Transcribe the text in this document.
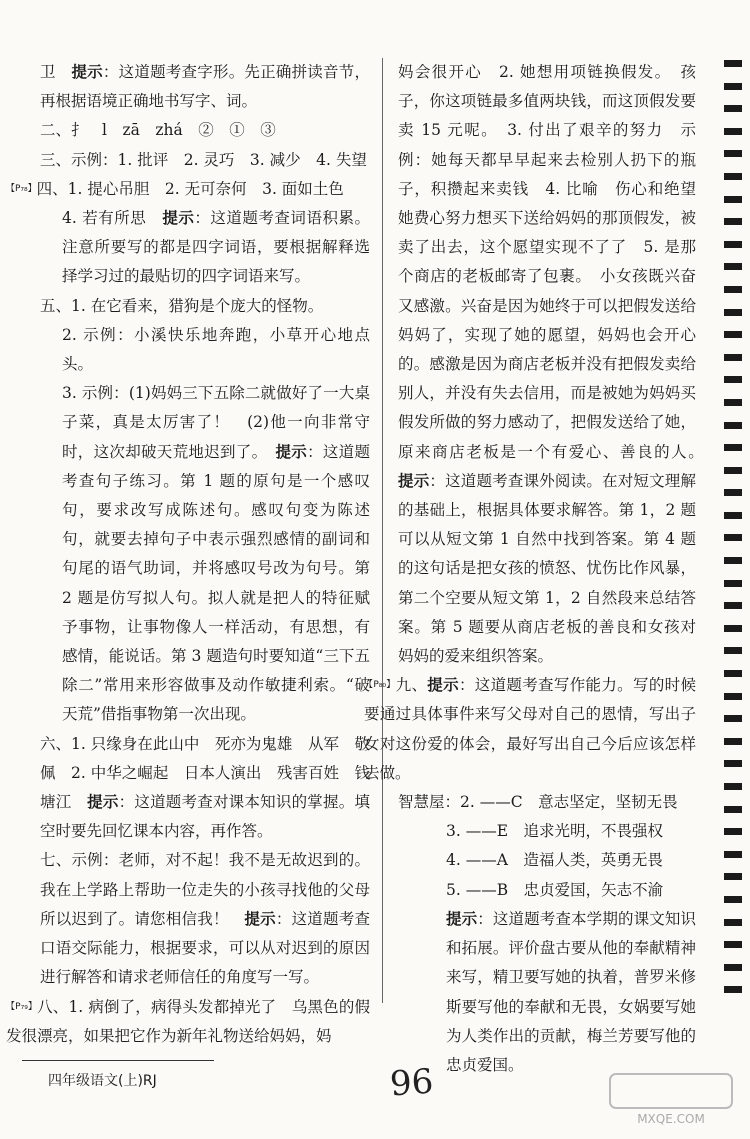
卫　提示：这道题考查字形。先正确拼读音节，再根据语境正确地书写字、词。

二、扌　l　zā　zhá　②　①　③

三、示例：1. 批评　2. 灵巧　3. 减少　4. 失望

【P₇₈】四、1. 提心吊胆　2. 无可奈何　3. 面如土色

4. 若有所思　提示：这道题考查词语积累。注意所要写的都是四字词语，要根据解释选择学习过的最贴切的四字词语来写。

五、1. 在它看来，猎狗是个庞大的怪物。

2. 示例：小溪快乐地奔跑，小草开心地点头。

3. 示例：(1)妈妈三下五除二就做好了一大桌子菜，真是太厉害了！　(2)他一向非常守时，这次却破天荒地迟到了。　提示：这道题考查句子练习。第 1 题的原句是一个感叹句，要求改写成陈述句。感叹句变为陈述句，就要去掉句子中表示强烈感情的副词和句尾的语气助词，并将感叹号改为句号。第 2 题是仿写拟人句。拟人就是把人的特征赋予事物，让事物像人一样活动，有思想，有感情，能说话。第 3 题造句时要知道“三下五除二”常用来形容做事及动作敏捷利索。“破天荒”借指事物第一次出现。

六、1. 只缘身在此山中　死亦为鬼雄　从军　敬佩　2. 中华之崛起　日本人演出　残害百姓　钱塘江　提示：这道题考查对课本知识的掌握。填空时要先回忆课本内容，再作答。

七、示例：老师，对不起！我不是无故迟到的。我在上学路上帮助一位走失的小孩寻找他的父母所以迟到了。请您相信我！　提示：这道题考查口语交际能力，根据要求，可以从对迟到的原因进行解答和请求老师信任的角度写一写。

【P₇₉】八、1. 病倒了，病得头发都掉光了　乌黑色的假发很漂亮，如果把它作为新年礼物送给妈妈，妈

妈会很开心　2. 她想用项链换假发。　孩子，你这项链最多值两块钱，而这顶假发要卖 15 元呢。　3. 付出了艰辛的努力　示例：她每天都早早起来去检别人扔下的瓶子，积攒起来卖钱　4. 比喻　伤心和绝望　她费心努力想买下送给妈妈的那顶假发，被卖了出去，这个愿望实现不了了　5. 是那个商店的老板邮寄了包裹。　小女孩既兴奋又感激。兴奋是因为她终于可以把假发送给妈妈了，实现了她的愿望，妈妈也会开心的。感激是因为商店老板并没有把假发卖给别人，并没有失去信用，而是被她为妈妈买假发所做的努力感动了，把假发送给了她，原来商店老板是一个有爱心、善良的人。　提示：这道题考查课外阅读。在对短文理解的基础上，根据具体要求解答。第 1，2 题可以从短文第 1 自然中找到答案。第 4 题的这句话是把女孩的愤怒、忧伤比作风暴，第二个空要从短文第 1，2 自然段来总结答案。第 5 题要从商店老板的善良和女孩对妈妈的爱来组织答案。

【P₈₀】九、提示：这道题考查写作能力。写的时候要通过具体事件来写父母对自己的恩情，写出子女对这份爱的体会，最好写出自己今后应该怎样去做。

智慧屋：2. ——C　意志坚定，坚韧无畏

3. ——E　追求光明，不畏强权

4. ——A　造福人类，英勇无畏

5. ——B　忠贞爱国，矢志不渝

提示：这道题考查本学期的课文知识和拓展。评价盘古要从他的奉献精神来写，精卫要写她的执着，普罗米修斯要写他的奉献和无畏，女娲要写她为人类作出的贡献，梅兰芳要写他的忠贞爱国。

四年级语文(上)RJ	96
MXQE.COM
